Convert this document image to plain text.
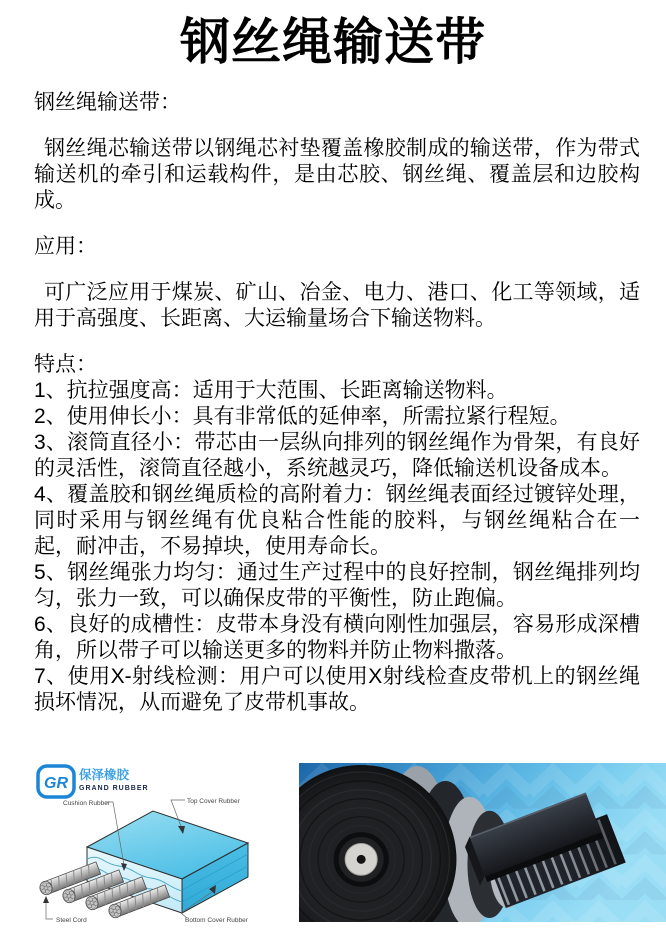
钢丝绳输送带

钢丝绳输送带：

钢丝绳芯输送带以钢绳芯衬垫覆盖橡胶制成的输送带，作为带式输送机的牵引和运载构件，是由芯胶、钢丝绳、覆盖层和边胶构成。

应用：

可广泛应用于煤炭、矿山、冶金、电力、港口、化工等领域，适用于高强度、长距离、大运输量场合下输送物料。

特点：

1、抗拉强度高：适用于大范围、长距离输送物料。
2、使用伸长小：具有非常低的延伸率，所需拉紧行程短。
3、滚筒直径小：带芯由一层纵向排列的钢丝绳作为骨架，有良好的灵活性，滚筒直径越小，系统越灵巧，降低输送机设备成本。
4、覆盖胶和钢丝绳质检的高附着力：钢丝绳表面经过镀锌处理，同时采用与钢丝绳有优良粘合性能的胶料，与钢丝绳粘合在一起，耐冲击，不易掉块，使用寿命长。
5、钢丝绳张力均匀：通过生产过程中的良好控制，钢丝绳排列均匀，张力一致，可以确保皮带的平衡性，防止跑偏。
6、良好的成槽性：皮带本身没有横向刚性加强层，容易形成深槽角，所以带子可以输送更多的物料并防止物料撒落。
7、使用X-射线检测：用户可以使用X射线检查皮带机上的钢丝绳损坏情况，从而避免了皮带机事故。
GR 保泽橡胶
GRAND RUBBER
Cushion Rubber	Top Cover Rubber
Steel Cord	Bottom Cover Rubber
